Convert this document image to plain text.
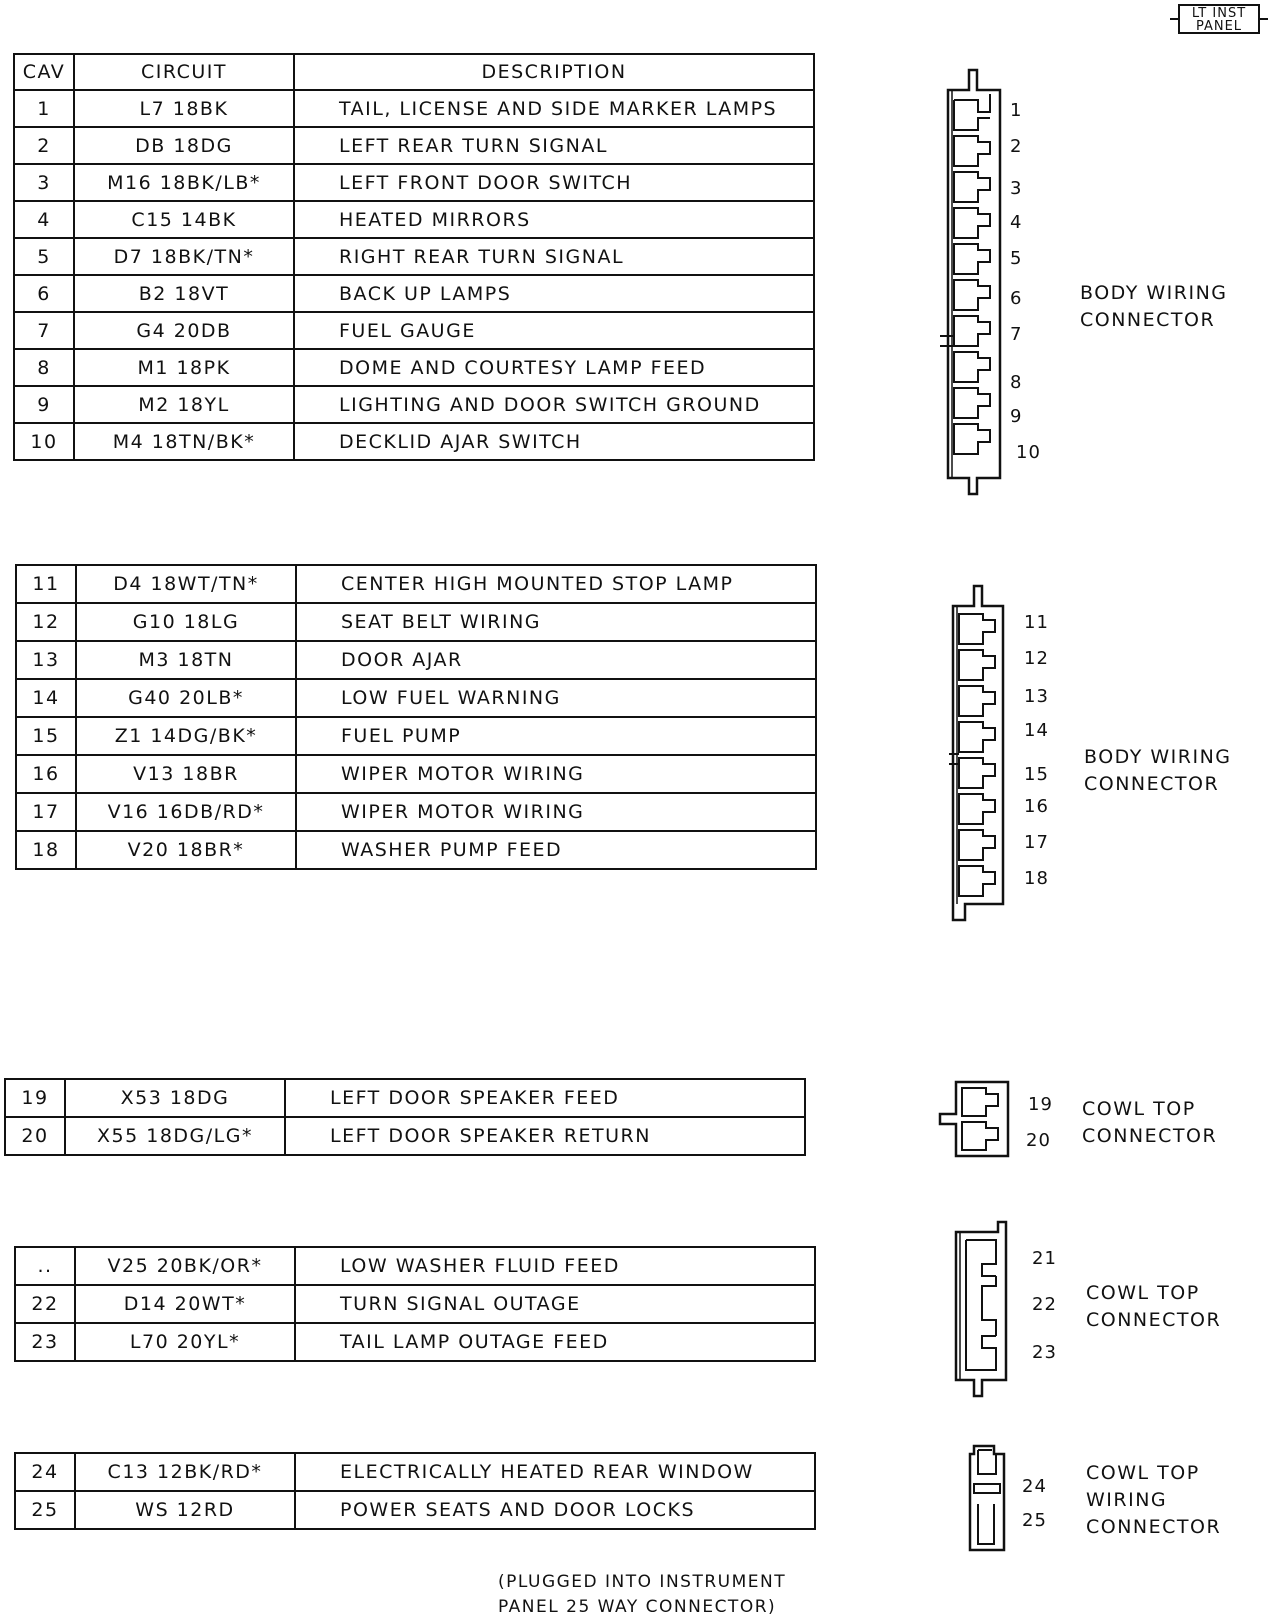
LT INST
PANEL
CAV	CIRCUIT	DESCRIPTION
1	L7 18BK	TAIL, LICENSE AND SIDE MARKER LAMPS
2	DB 18DG	LEFT REAR TURN SIGNAL
3	M16 18BK/LB*	LEFT FRONT DOOR SWITCH
4	C15 14BK	HEATED MIRRORS
5	D7 18BK/TN*	RIGHT REAR TURN SIGNAL
6	B2 18VT	BACK UP LAMPS
7	G4 20DB	FUEL GAUGE
8	M1 18PK	DOME AND COURTESY LAMP FEED
9	M2 18YL	LIGHTING AND DOOR SWITCH GROUND
10	M4 18TN/BK*	DECKLID AJAR SWITCH
1
2
3
4
5
6
7
8
9
10
BODY WIRING
CONNECTOR
11	D4 18WT/TN*	CENTER HIGH MOUNTED STOP LAMP
12	G10 18LG	SEAT BELT WIRING
13	M3 18TN	DOOR AJAR
14	G40 20LB*	LOW FUEL WARNING
15	Z1 14DG/BK*	FUEL PUMP
16	V13 18BR	WIPER MOTOR WIRING
17	V16 16DB/RD*	WIPER MOTOR WIRING
18	V20 18BR*	WASHER PUMP FEED
11
12
13
14
15
16
17
18
BODY WIRING
CONNECTOR
19	X53 18DG	LEFT DOOR SPEAKER FEED
20	X55 18DG/LG*	LEFT DOOR SPEAKER RETURN
19
20
COWL TOP
CONNECTOR
..	V25 20BK/OR*	LOW WASHER FLUID FEED
22	D14 20WT*	TURN SIGNAL OUTAGE
23	L70 20YL*	TAIL LAMP OUTAGE FEED
21
22
23
COWL TOP
CONNECTOR
24	C13 12BK/RD*	ELECTRICALLY HEATED REAR WINDOW
25	WS 12RD	POWER SEATS AND DOOR LOCKS
24
25
COWL TOP
WIRING
CONNECTOR
(PLUGGED INTO INSTRUMENT
PANEL 25 WAY CONNECTOR)
